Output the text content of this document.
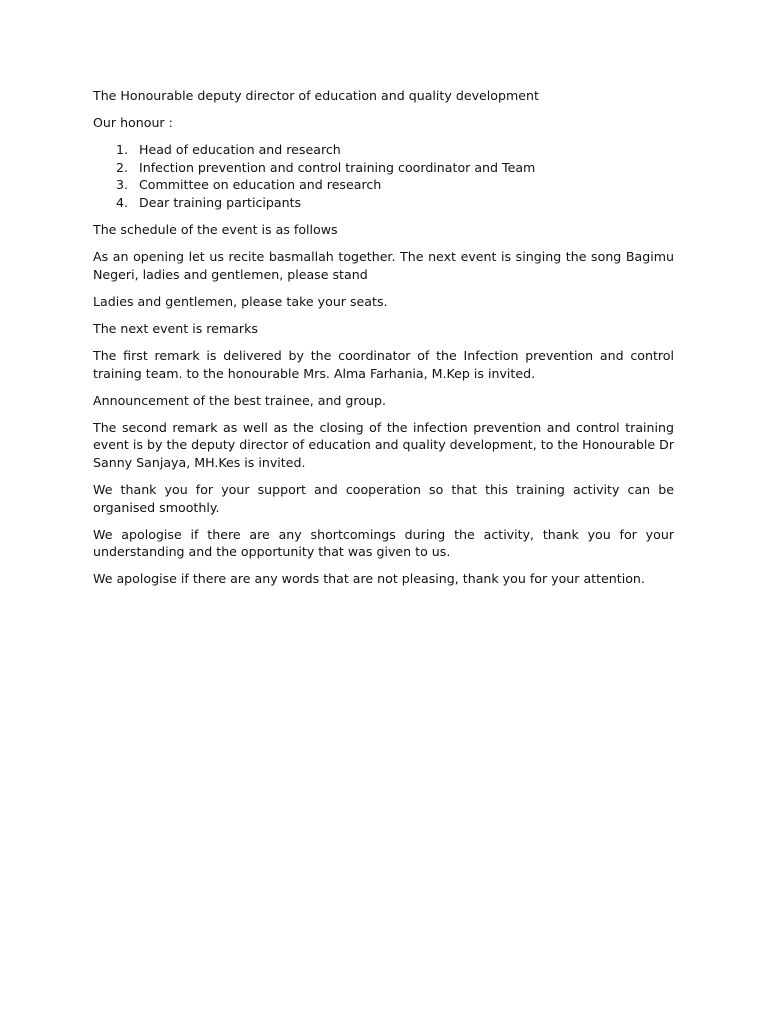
The Honourable deputy director of education and quality development

Our honour :

1. Head of education and research
2. Infection prevention and control training coordinator and Team
3. Committee on education and research
4. Dear training participants

The schedule of the event is as follows

As an opening let us recite basmallah together. The next event is singing the song Bagimu Negeri, ladies and gentlemen, please stand

Ladies and gentlemen, please take your seats.

The next event is remarks

The first remark is delivered by the coordinator of the Infection prevention and control training team. to the honourable Mrs. Alma Farhania, M.Kep is invited.

Announcement of the best trainee, and group.

The second remark as well as the closing of the infection prevention and control training event is by the deputy director of education and quality development, to the Honourable Dr Sanny Sanjaya, MH.Kes is invited.

We thank you for your support and cooperation so that this training activity can be organised smoothly.

We apologise if there are any shortcomings during the activity, thank you for your understanding and the opportunity that was given to us.

We apologise if there are any words that are not pleasing, thank you for your attention.
